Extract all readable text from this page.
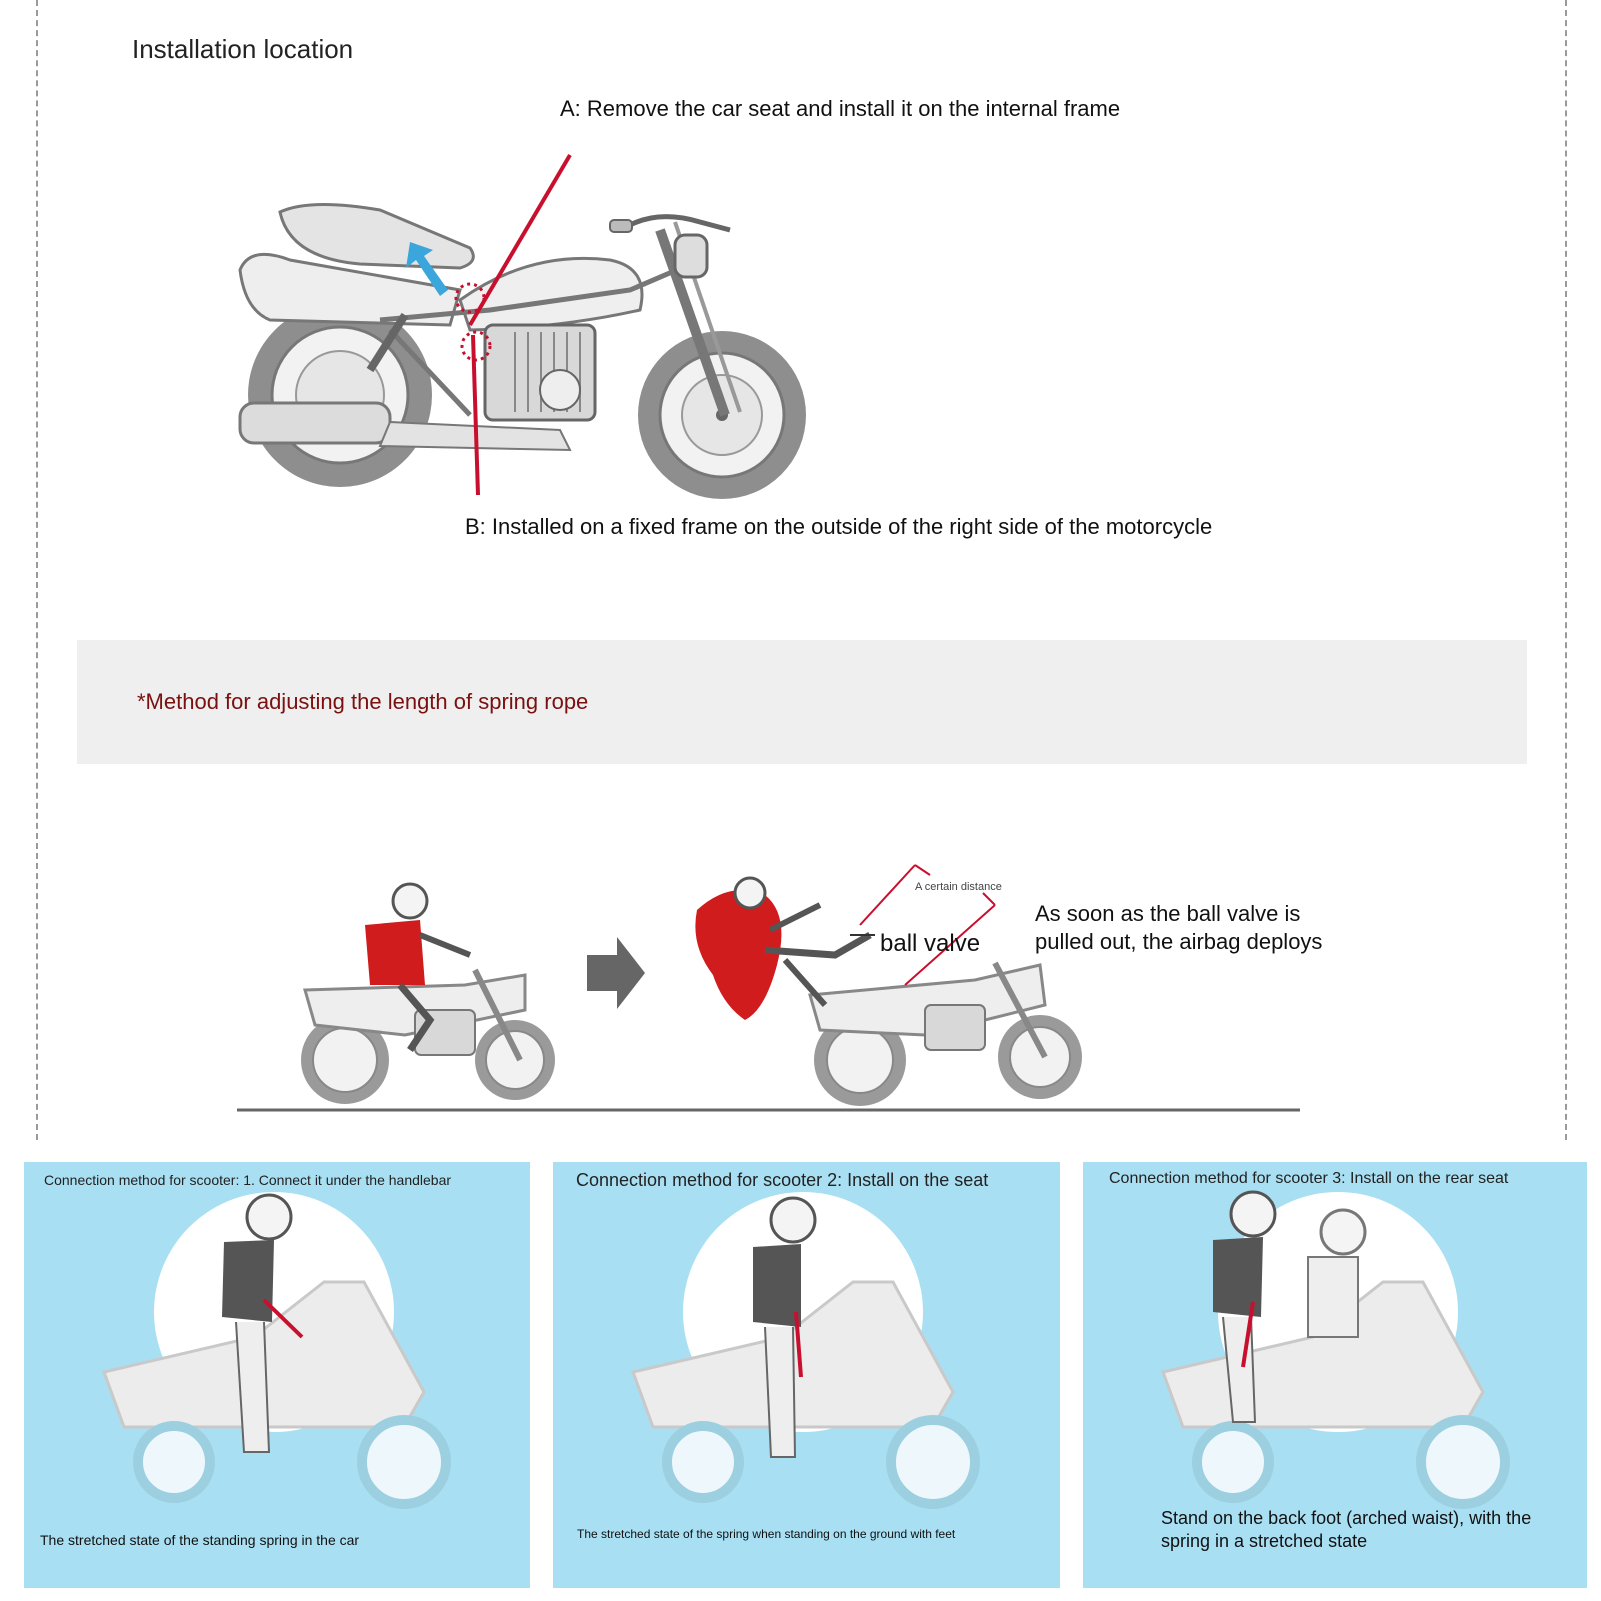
Installation location
A: Remove the car seat and install it on the internal frame
B: Installed on a fixed frame on the outside of the right side of the motorcycle
*Method for adjusting the length of spring rope
A certain distance
ball valve
As soon as the ball valve is pulled out, the airbag deploys
Connection method for scooter: 1. Connect it under the handlebar
The stretched state of the standing spring in the car
Connection method for scooter 2: Install on the seat
The stretched state of the spring when standing on the ground with feet
Connection method for scooter 3: Install on the rear seat
Stand on the back foot (arched waist), with the spring in a stretched state
